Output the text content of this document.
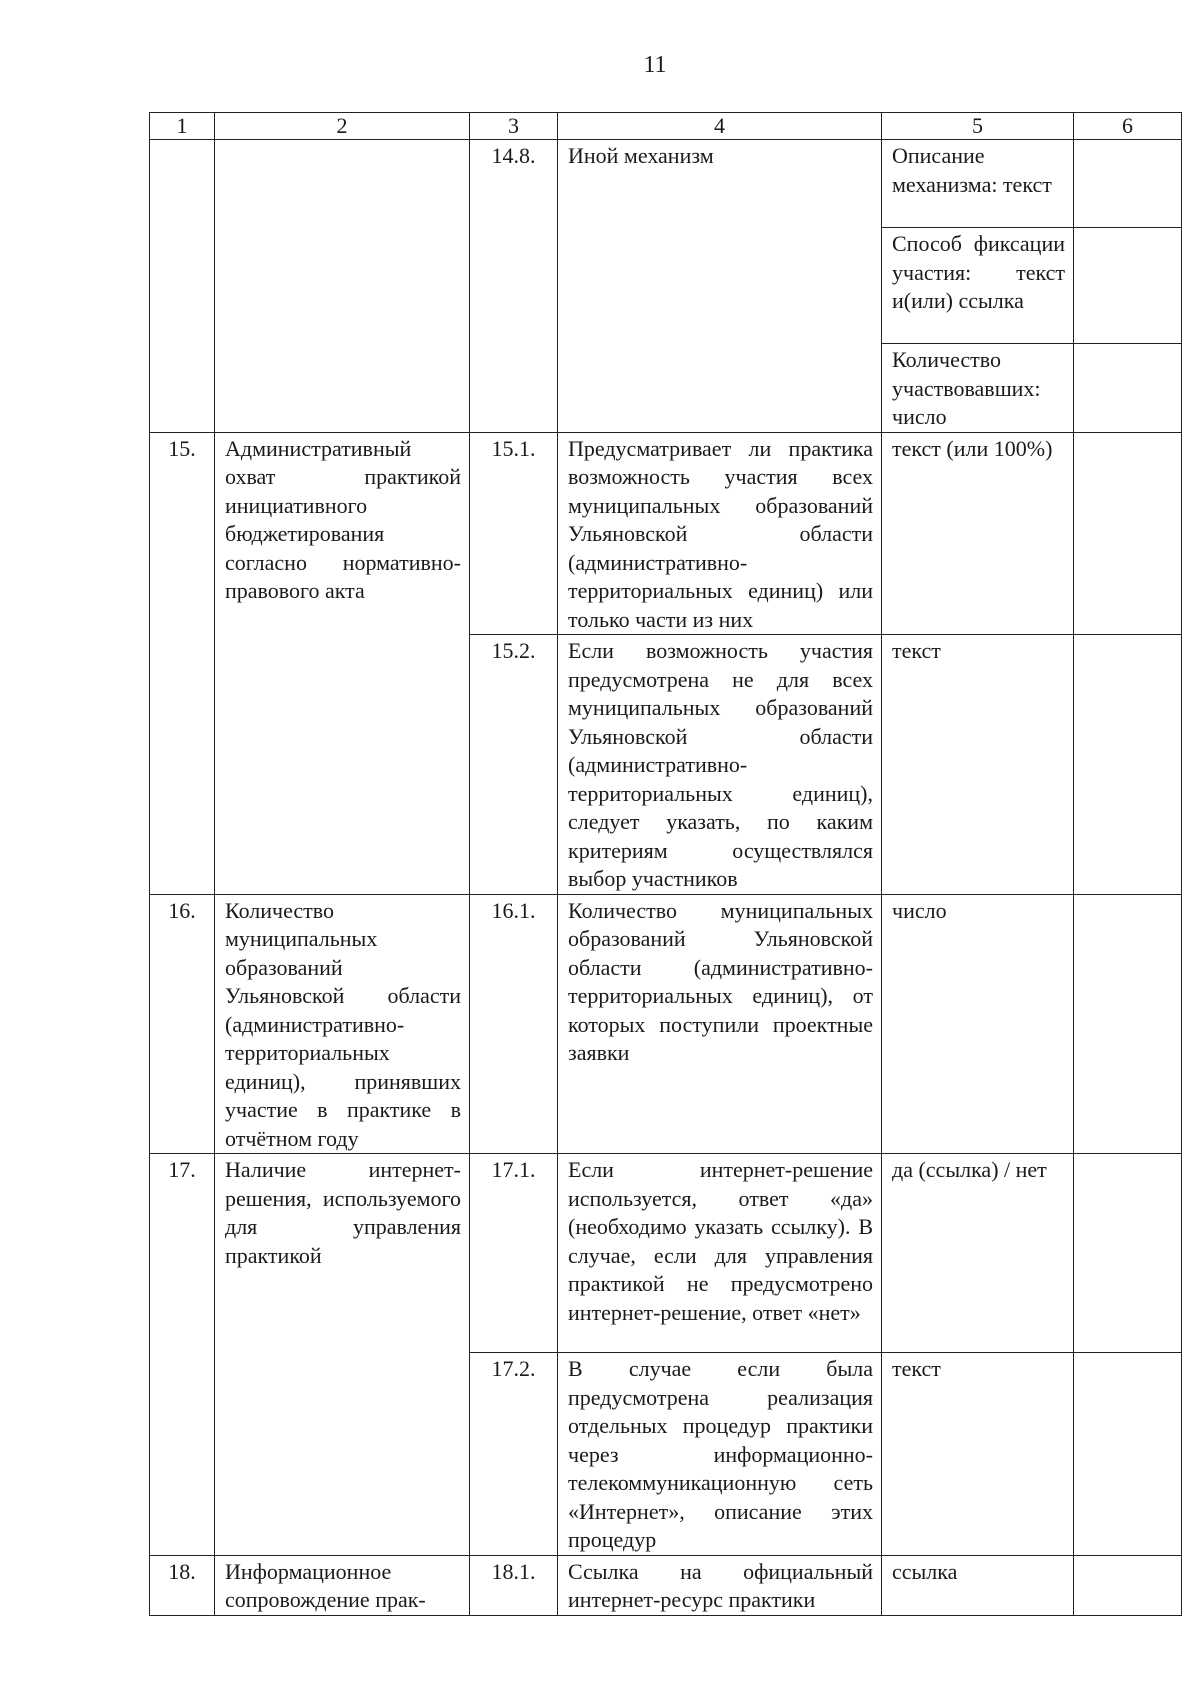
11
1	2	3	4	5	6
		14.8.	Иной механизм	Описание механизма: текст	
				Способ фиксации участия: текст и(или) ссылка	
				Количество участвовавших: число	
15.	Административный охват практикой инициативного бюджетирования согласно нормативно-правового акта	15.1.	Предусматривает ли практика возможность участия всех муниципальных образований Ульяновской области (административно-территориальных единиц) или только части из них	текст (или 100%)	
		15.2.	Если возможность участия предусмотрена не для всех муниципальных образований Ульяновской области (административно-территориальных единиц), следует указать, по каким критериям осуществлялся выбор участников	текст	
16.	Количество муниципальных образований Ульяновской области (административно-территориальных единиц), принявших участие в практике в отчётном году	16.1.	Количество муниципальных образований Ульяновской области (административно-территориальных единиц), от которых поступили проектные заявки	число	
17.	Наличие интернет-решения, используемого для управления практикой	17.1.	Если интернет-решение используется, ответ «да» (необходимо указать ссылку). В случае, если для управления практикой не предусмотрено интернет-решение, ответ «нет»	да (ссылка) / нет	
		17.2.	В случае если была предусмотрена реализация отдельных процедур практики через информационно-телекоммуникационную сеть «Интернет», описание этих процедур	текст	
18.	Информационное сопровождение прак-	18.1.	Ссылка на официальный интернет-ресурс практики	ссылка	
